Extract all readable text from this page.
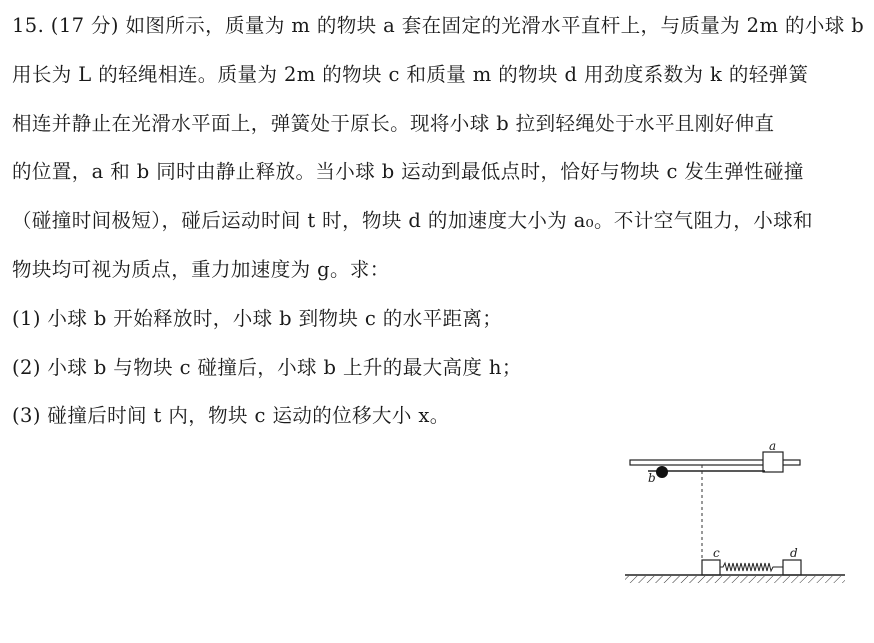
15. (17 分) 如图所示，质量为 m 的物块 a 套在固定的光滑水平直杆上，与质量为 2m 的小球 b
用长为 L 的轻绳相连。质量为 2m 的物块 c 和质量 m 的物块 d 用劲度系数为 k 的轻弹簧
相连并静止在光滑水平面上，弹簧处于原长。现将小球 b 拉到轻绳处于水平且刚好伸直
的位置，a 和 b 同时由静止释放。当小球 b 运动到最低点时，恰好与物块 c 发生弹性碰撞
（碰撞时间极短），碰后运动时间 t 时，物块 d 的加速度大小为 a₀。不计空气阻力，小球和
物块均可视为质点，重力加速度为 g。求：
(1) 小球 b 开始释放时，小球 b 到物块 c 的水平距离；
(2) 小球 b 与物块 c 碰撞后，小球 b 上升的最大高度 h；
(3) 碰撞后时间 t 内，物块 c 运动的位移大小 x。
a
b
c	d
